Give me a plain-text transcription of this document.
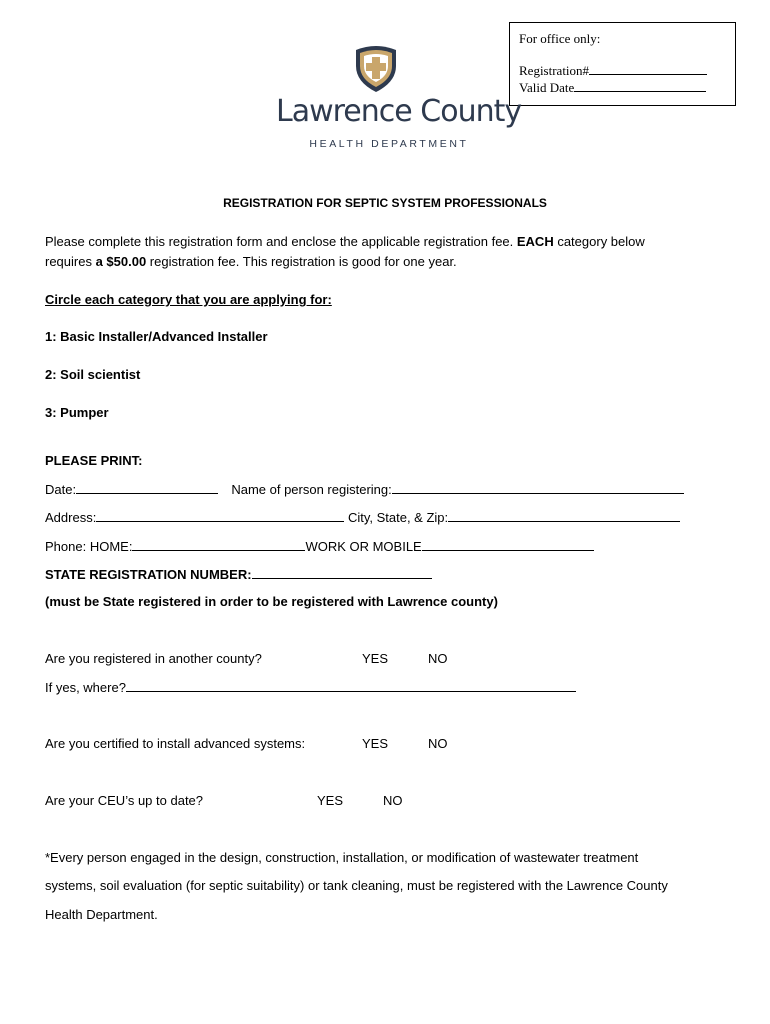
For office only:
Registration#
Valid Date
Lawrence County
HEALTH DEPARTMENT
REGISTRATION FOR SEPTIC SYSTEM PROFESSIONALS
Please complete this registration form and enclose the applicable registration fee. EACH category below
requires a $50.00 registration fee. This registration is good for one year.
Circle each category that you are applying for:
1: Basic Installer/Advanced Installer
2: Soil scientist
3: Pumper
PLEASE PRINT:
Date:	Name of person registering:
Address:	City, State, & Zip:
Phone: HOME:	WORK OR MOBILE
STATE REGISTRATION NUMBER:
(must be State registered in order to be registered with Lawrence county)
Are you registered in another county?	YES	NO
If yes, where?
Are you certified to install advanced systems:	YES	NO
Are your CEU’s up to date?	YES	NO
*Every person engaged in the design, construction, installation, or modification of wastewater treatment
systems, soil evaluation (for septic suitability) or tank cleaning, must be registered with the Lawrence County
Health Department.
